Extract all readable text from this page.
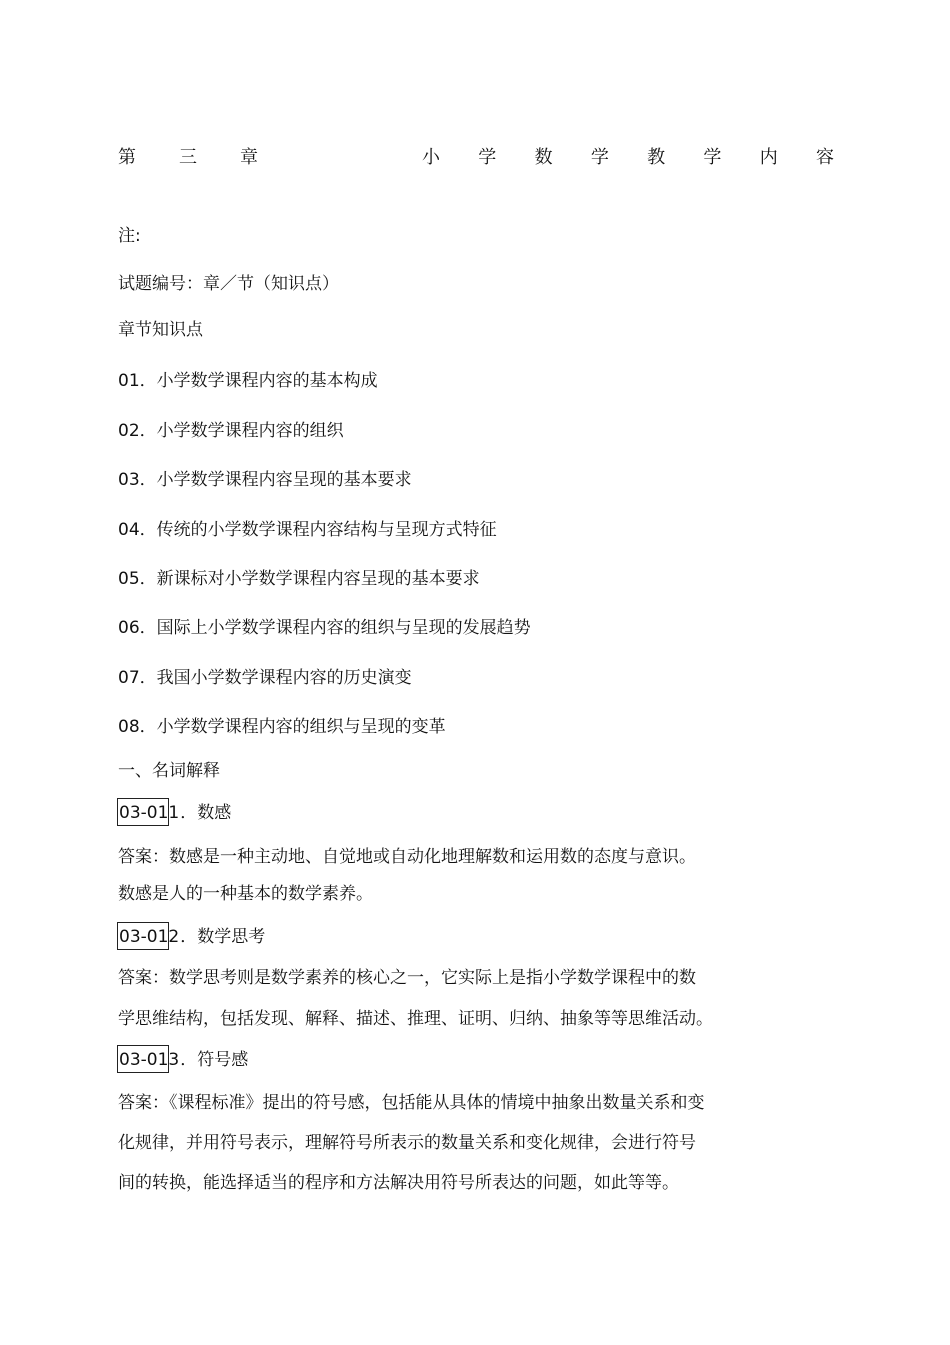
第 三 章	小 学 数 学 教 学 内 容
注:
试题编号：章／节（知识点）
章节知识点
01．小学数学课程内容的基本构成
02．小学数学课程内容的组织
03．小学数学课程内容呈现的基本要求
04．传统的小学数学课程内容结构与呈现方式特征
05．新课标对小学数学课程内容呈现的基本要求
06．国际上小学数学课程内容的组织与呈现的发展趋势
07．我国小学数学课程内容的历史演变
08．小学数学课程内容的组织与呈现的变革
一、名词解释
03-011．数感
答案：数感是一种主动地、自觉地或自动化地理解数和运用数的态度与意识。
数感是人的一种基本的数学素养。
03-012．数学思考
答案：数学思考则是数学素养的核心之一，它实际上是指小学数学课程中的数
学思维结构，包括发现、解释、描述、推理、证明、归纳、抽象等等思维活动。
03-013．符号感
答案：《课程标准》提出的符号感，包括能从具体的情境中抽象出数量关系和变
化规律，并用符号表示，理解符号所表示的数量关系和变化规律，会进行符号
间的转换，能选择适当的程序和方法解决用符号所表达的问题，如此等等。
